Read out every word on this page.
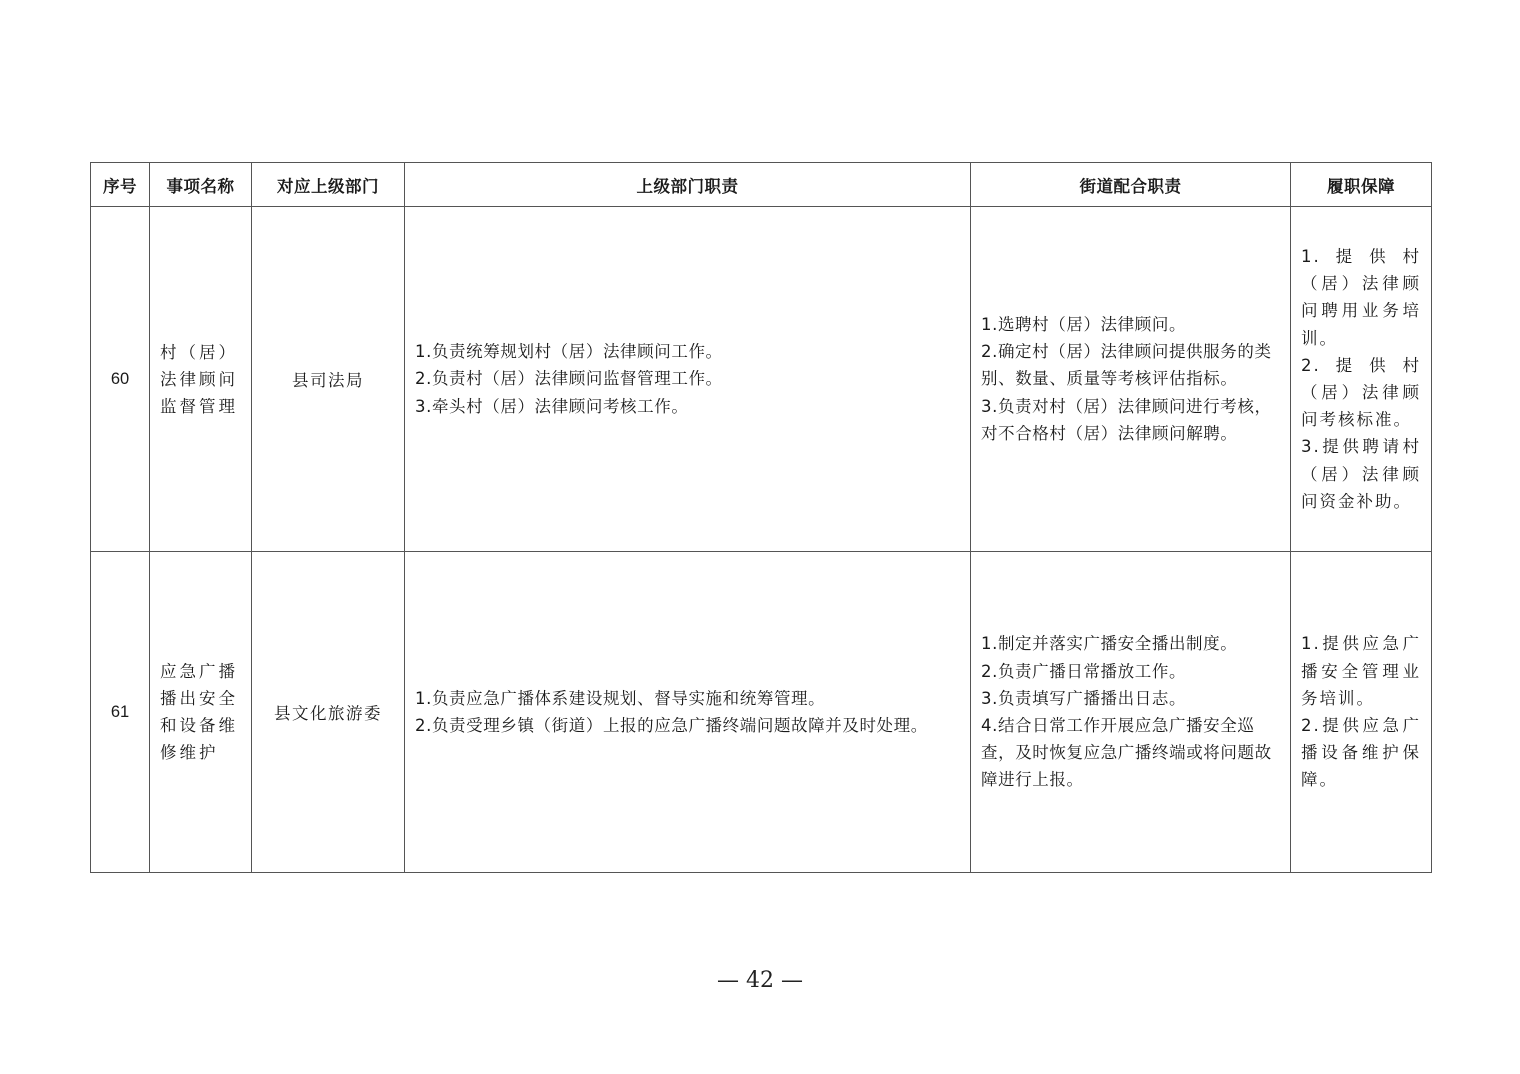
序号	事项名称	对应上级部门	上级部门职责	街道配合职责	履职保障
60	村（居）法律顾问监督管理	县司法局	1.负责统筹规划村（居）法律顾问工作。
2.负责村（居）法律顾问监督管理工作。
3.牵头村（居）法律顾问考核工作。	1.选聘村（居）法律顾问。
2.确定村（居）法律顾问提供服务的类别、数量、质量等考核评估指标。
3.负责对村（居）法律顾问进行考核，对不合格村（居）法律顾问解聘。	1.提供村（居）法律顾问聘用业务培训。
2.提供村（居）法律顾问考核标准。
3.提供聘请村（居）法律顾问资金补助。

61	应急广播播出安全和设备维修维护	县文化旅游委	1.负责应急广播体系建设规划、督导实施和统筹管理。
2.负责受理乡镇（街道）上报的应急广播终端问题故障并及时处理。	1.制定并落实广播安全播出制度。
2.负责广播日常播放工作。
3.负责填写广播播出日志。
4.结合日常工作开展应急广播安全巡查，及时恢复应急广播终端或将问题故障进行上报。	1.提供应急广播安全管理业务培训。
2.提供应急广播设备维护保障。
— 42 —
